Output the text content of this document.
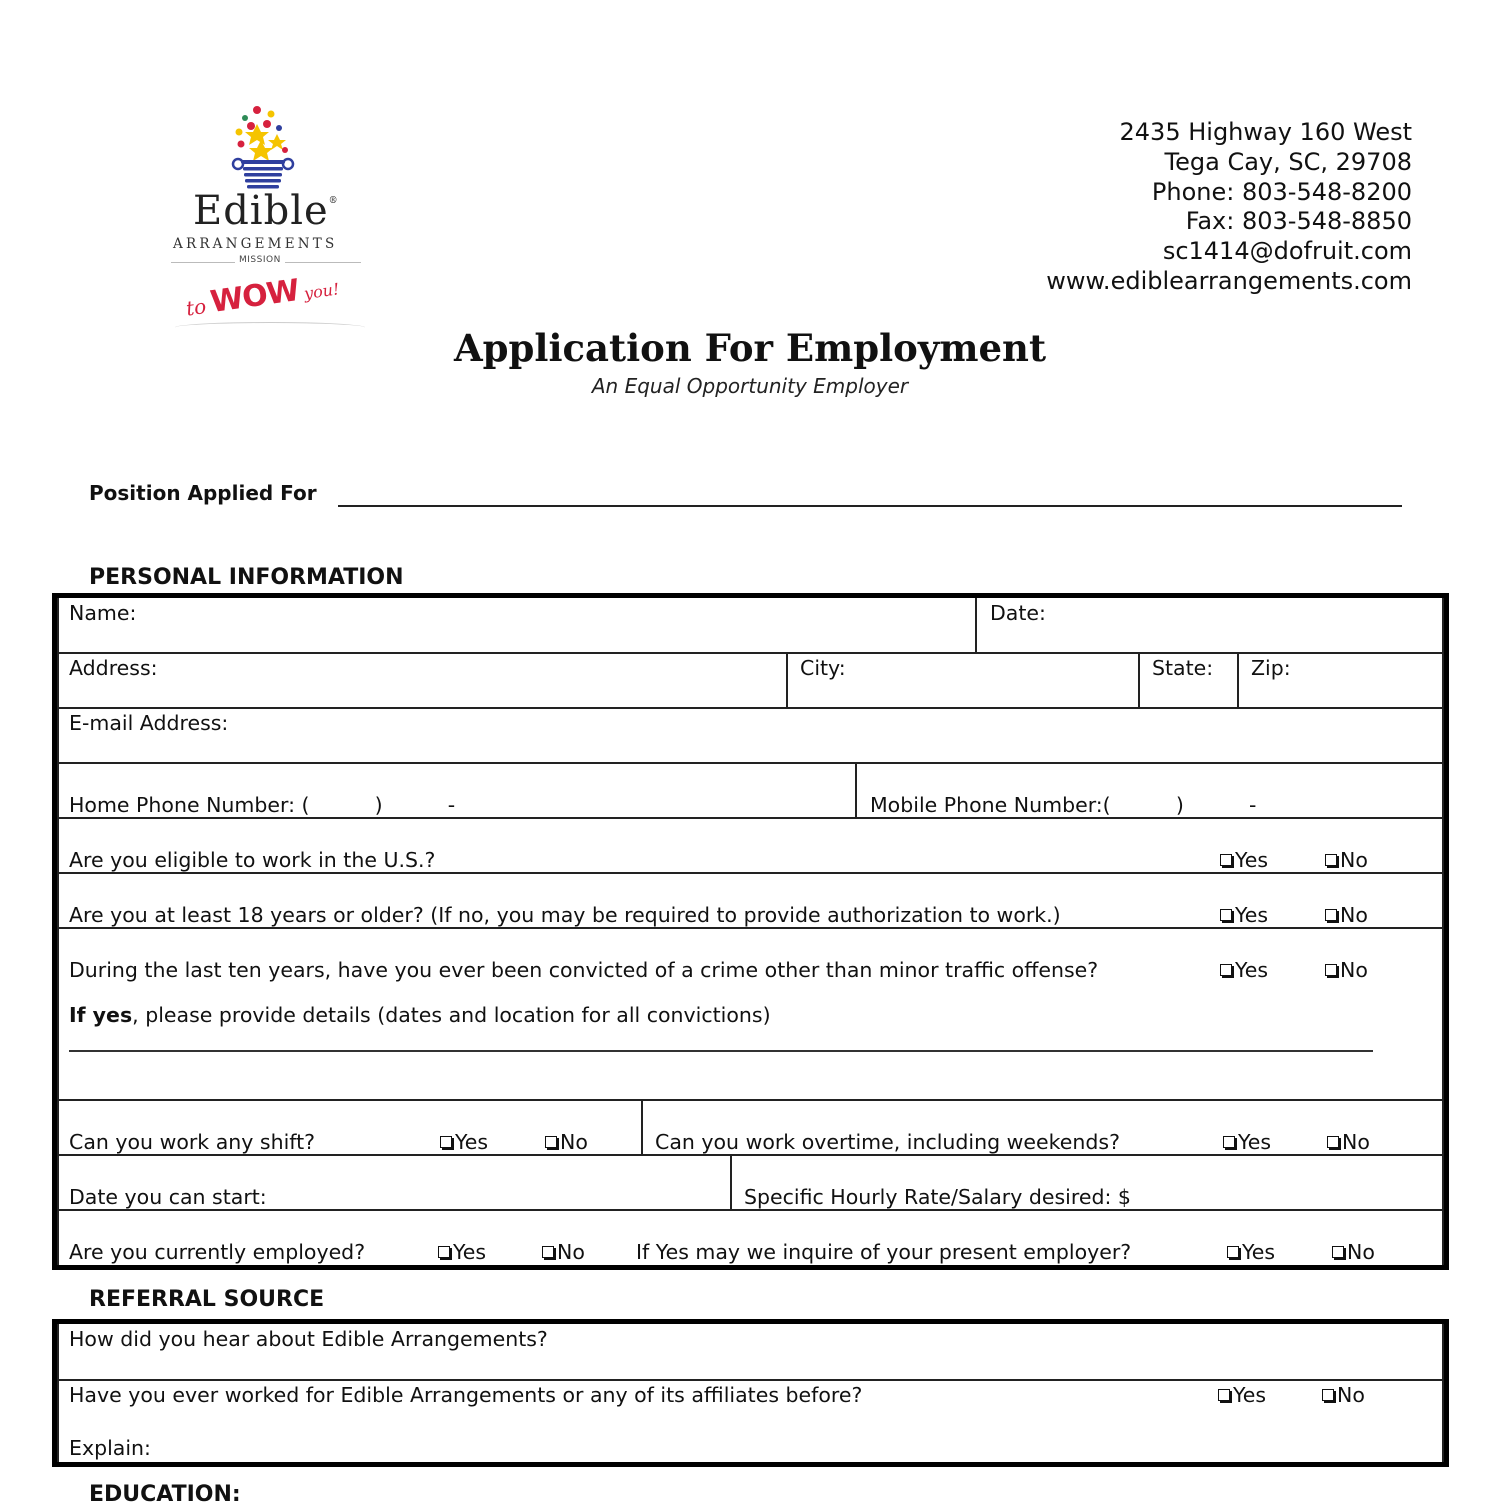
Edible®
ARRANGEMENTS
MISSION
to WOW you!
2435 Highway 160 West
Tega Cay, SC, 29708
Phone: 803-548-8200
Fax: 803-548-8850
sc1414@dofruit.com
www.ediblearrangements.com
Application For Employment
An Equal Opportunity Employer
Position Applied For
PERSONAL INFORMATION
Name:	Date:
Address:	City:	State: Zip:
E-mail Address:
Home Phone Number: (          )          -	Mobile Phone Number:(          )          -
Are you eligible to work in the U.S.?	Yes	No
Are you at least 18 years or older? (If no, you may be required to provide authorization to work.)	Yes	No
During the last ten years, have you ever been convicted of a crime other than minor traffic offense?	Yes	No
If yes, please provide details (dates and location for all convictions)
Can you work any shift?	Yes	No	Can you work overtime, including weekends?	Yes	No
Date you can start:	Specific Hourly Rate/Salary desired: $
Are you currently employed?	Yes	No If Yes may we inquire of your present employer?	Yes	No
REFERRAL SOURCE
How did you hear about Edible Arrangements?
Have you ever worked for Edible Arrangements or any of its affiliates before?	Yes	No
Explain:
EDUCATION:
